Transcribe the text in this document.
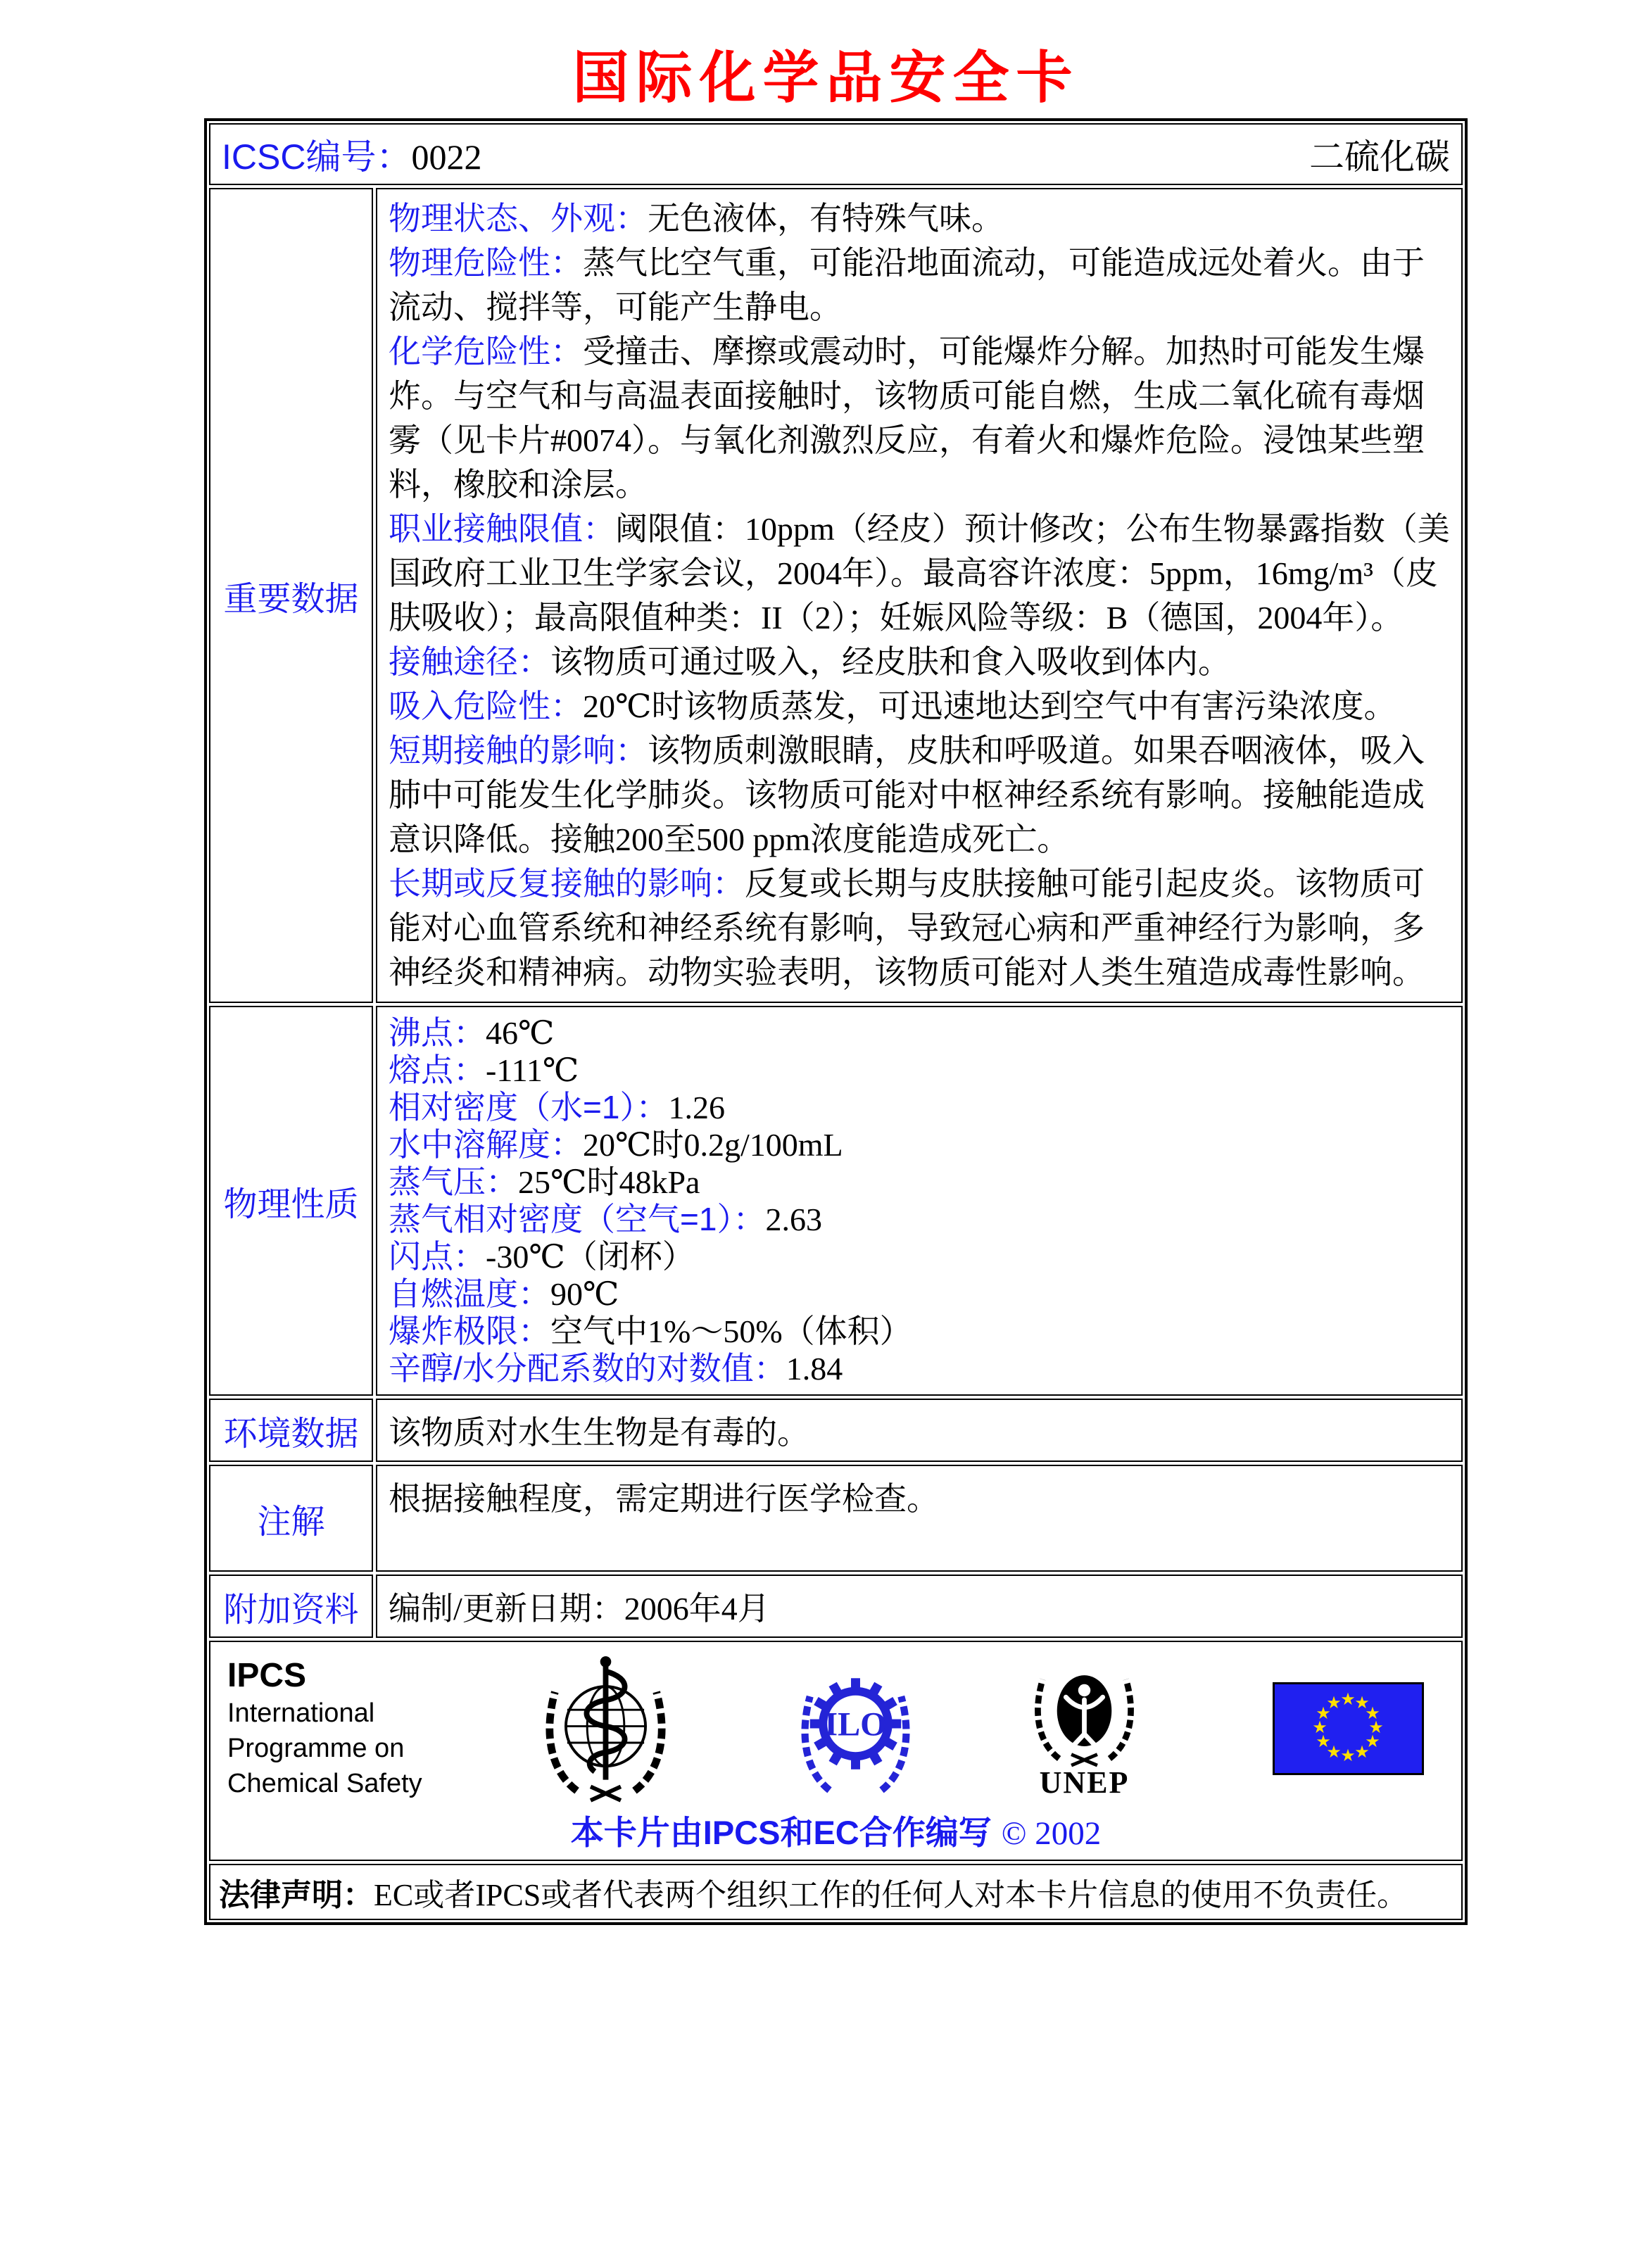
国际化学品安全卡
ICSC编号：0022	二硫化碳
重要数据

物理状态、外观：无色液体，有特殊气味。

物理危险性：蒸气比空气重，可能沿地面流动，可能造成远处着火。由于流动、搅拌等，可能产生静电。

化学危险性：受撞击、摩擦或震动时，可能爆炸分解。加热时可能发生爆炸。与空气和与高温表面接触时，该物质可能自燃，生成二氧化硫有毒烟雾（见卡片#0074）。与氧化剂激烈反应，有着火和爆炸危险。浸蚀某些塑料，橡胶和涂层。

职业接触限值：阈限值：10ppm（经皮）预计修改；公布生物暴露指数（美国政府工业卫生学家会议，2004年）。最高容许浓度：5ppm，16mg/m³（皮肤吸收）；最高限值种类：II（2）；妊娠风险等级：B（德国，2004年）。

接触途径：该物质可通过吸入，经皮肤和食入吸收到体内。

吸入危险性：20℃时该物质蒸发，可迅速地达到空气中有害污染浓度。

短期接触的影响：该物质刺激眼睛，皮肤和呼吸道。如果吞咽液体，吸入肺中可能发生化学肺炎。该物质可能对中枢神经系统有影响。接触能造成意识降低。接触200至500 ppm浓度能造成死亡。

长期或反复接触的影响：反复或长期与皮肤接触可能引起皮炎。该物质可能对心血管系统和神经系统有影响，导致冠心病和严重神经行为影响，多神经炎和精神病。动物实验表明，该物质可能对人类生殖造成毒性影响。

物理性质
沸点：46℃
熔点：-111℃
相对密度（水=1）：1.26
水中溶解度：20℃时0.2g/100mL
蒸气压：25℃时48kPa
蒸气相对密度（空气=1）：2.63
闪点：-30℃（闭杯）
自燃温度：90℃
爆炸极限：空气中1%～50%（体积）
辛醇/水分配系数的对数值：1.84
环境数据 该物质对水生生物是有毒的。
注解
根据接触程度，需定期进行医学检查。
附加资料 编制/更新日期： 2006年4月
IPCS
International
Programme on
Chemical Safety
ILO
UNEP
★
★
★
★
★
★
★
★
★
★
★
★
本卡片由IPCS和EC合作编写 © 2002
法律声明： EC或者IPCS或者代表两个组织工作的任何人对本卡片信息的使用不负责任。
